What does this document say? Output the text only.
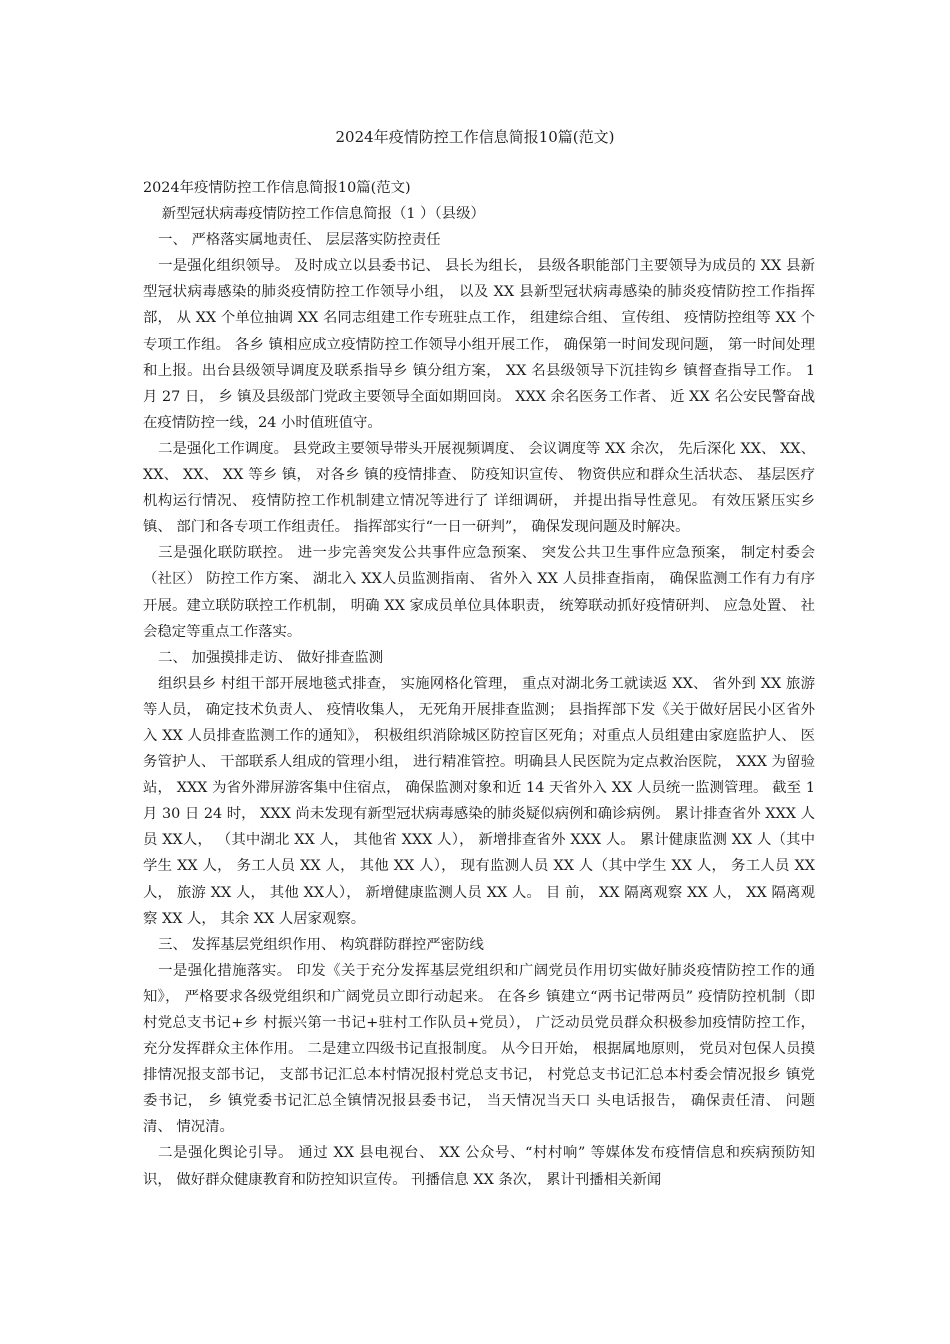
2024年疫情防控工作信息简报10篇(范文)

2024年疫情防控工作信息简报10篇(范文)

新型冠状病毒疫情防控工作信息简报（1 ）（县级）

一、 严格落实属地责任、 层层落实防控责任

一是强化组织领导。 及时成立以县委书记、 县长为组长， 县级各职能部门主要领导为成员的 XX 县新型冠状病毒感染的肺炎疫情防控工作领导小组， 以及 XX 县新型冠状病毒感染的肺炎疫情防控工作指挥部， 从 XX 个单位抽调 XX 名同志组建工作专班驻点工作， 组建综合组、 宣传组、 疫情防控组等 XX 个专项工作组。 各乡 镇相应成立疫情防控工作领导小组开展工作， 确保第一时间发现问题， 第一时间处理和上报。出台县级领导调度及联系指导乡 镇分组方案， XX 名县级领导下沉挂钩乡 镇督查指导工作。 1 月 27 日， 乡 镇及县级部门党政主要领导全面如期回岗。 XXX 余名医务工作者、 近 XX 名公安民警奋战在疫情防控一线，24 小时值班值守。

二是强化工作调度。 县党政主要领导带头开展视频调度、 会议调度等 XX 余次， 先后深化 XX、 XX、 XX、 XX、 XX 等乡 镇， 对各乡 镇的疫情排查、 防疫知识宣传、 物资供应和群众生活状态、 基层医疗机构运行情况、 疫情防控工作机制建立情况等进行了 详细调研， 并提出指导性意见。 有效压紧压实乡 镇、 部门和各专项工作组责任。 指挥部实行“一日一研判”， 确保发现问题及时解决。

三是强化联防联控。 进一步完善突发公共事件应急预案、 突发公共卫生事件应急预案， 制定村委会（社区） 防控工作方案、 湖北入 XX人员监测指南、 省外入 XX 人员排查指南， 确保监测工作有力有序开展。建立联防联控工作机制， 明确 XX 家成员单位具体职责， 统筹联动抓好疫情研判、 应急处置、 社会稳定等重点工作落实。

二、 加强摸排走访、 做好排查监测

组织县乡 村组干部开展地毯式排查， 实施网格化管理， 重点对湖北务工就读返 XX、 省外到 XX 旅游等人员， 确定技术负责人、 疫情收集人， 无死角开展排查监测； 县指挥部下发《关于做好居民小区省外入 XX 人员排查监测工作的通知》， 积极组织消除城区防控盲区死角；对重点人员组建由家庭监护人、 医务管护人、 干部联系人组成的管理小组， 进行精准管控。明确县人民医院为定点救治医院， XXX 为留验站， XXX 为省外滞屏游客集中住宿点， 确保监测对象和近 14 天省外入 XX 人员统一监测管理。 截至 1 月 30 日 24 时， XXX 尚未发现有新型冠状病毒感染的肺炎疑似病例和确诊病例。 累计排查省外 XXX 人员 XX人， （其中湖北 XX 人， 其他省 XXX 人）， 新增排查省外 XXX 人。 累计健康监测 XX 人（其中学生 XX 人， 务工人员 XX 人， 其他 XX 人）， 现有监测人员 XX 人（其中学生 XX 人， 务工人员 XX 人， 旅游 XX 人， 其他 XX人）， 新增健康监测人员 XX 人。 目 前， XX 隔离观察 XX 人， XX 隔离观察 XX 人， 其余 XX 人居家观察。

三、 发挥基层党组织作用、 构筑群防群控严密防线

一是强化措施落实。 印发《关于充分发挥基层党组织和广阔党员作用切实做好肺炎疫情防控工作的通知》， 严格要求各级党组织和广阔党员立即行动起来。 在各乡 镇建立“两书记带两员” 疫情防控机制（即村党总支书记+乡 村振兴第一书记+驻村工作队员+党员）， 广泛动员党员群众积极参加疫情防控工作， 充分发挥群众主体作用。 二是建立四级书记直报制度。 从今日开始， 根据属地原则， 党员对包保人员摸排情况报支部书记， 支部书记汇总本村情况报村党总支书记， 村党总支书记汇总本村委会情况报乡 镇党委书记， 乡 镇党委书记汇总全镇情况报县委书记， 当天情况当天口 头电话报告， 确保责任清、 问题清、 情况清。

二是强化舆论引导。 通过 XX 县电视台、 XX 公众号、“村村响” 等媒体发布疫情信息和疾病预防知识， 做好群众健康教育和防控知识宣传。 刊播信息 XX 条次， 累计刊播相关新闻
